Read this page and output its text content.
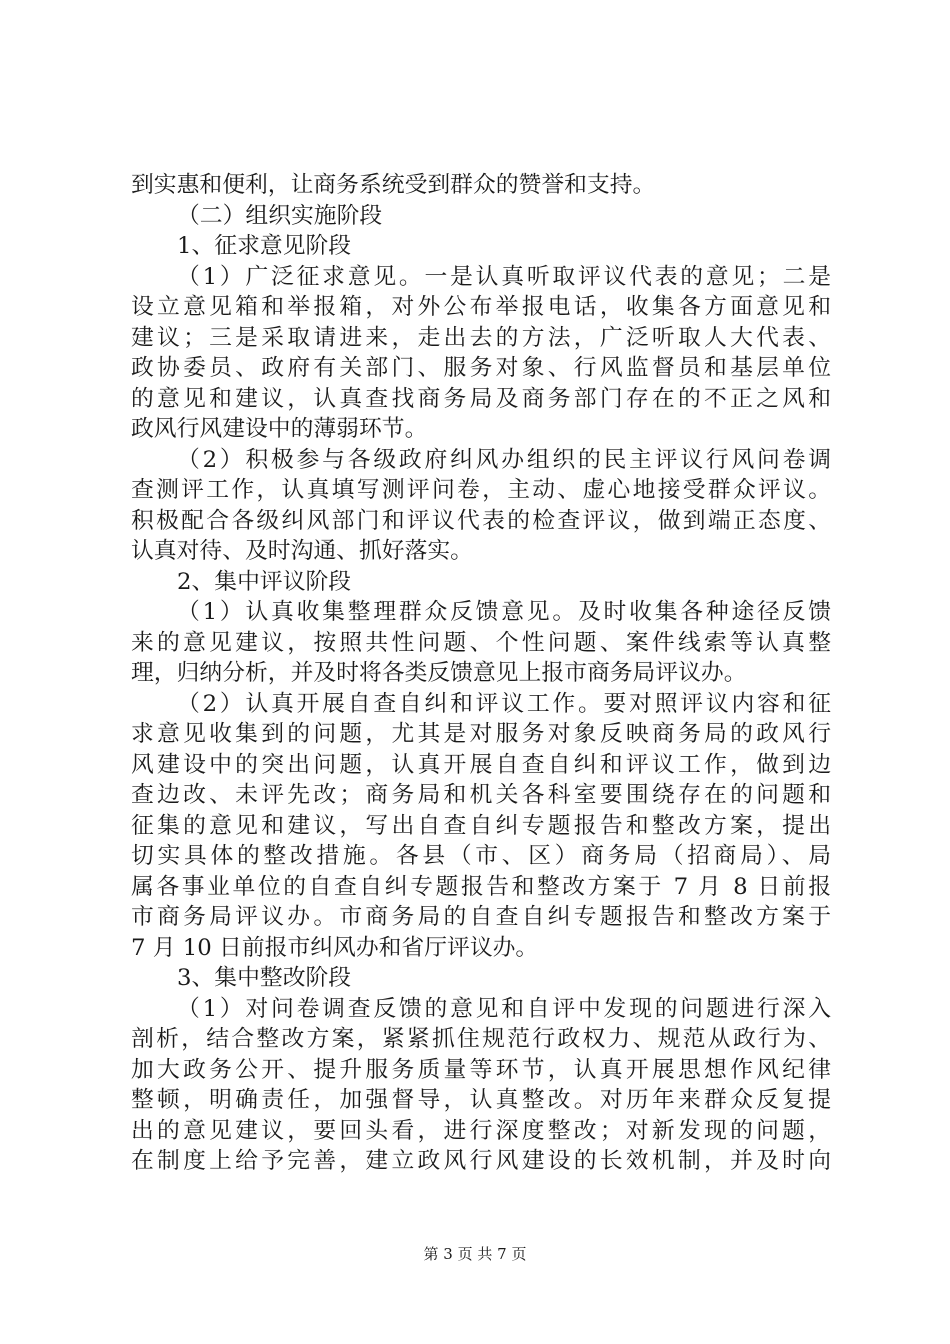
到实惠和便利，让商务系统受到群众的赞誉和支持。
（二）组织实施阶段
1、征求意见阶段
（1）广泛征求意见。一是认真听取评议代表的意见；二是
设立意见箱和举报箱，对外公布举报电话，收集各方面意见和
建议；三是采取请进来，走出去的方法，广泛听取人大代表、
政协委员、政府有关部门、服务对象、行风监督员和基层单位
的意见和建议，认真查找商务局及商务部门存在的不正之风和
政风行风建设中的薄弱环节。
（2）积极参与各级政府纠风办组织的民主评议行风问卷调
查测评工作，认真填写测评问卷，主动、虚心地接受群众评议。
积极配合各级纠风部门和评议代表的检查评议，做到端正态度、
认真对待、及时沟通、抓好落实。
2、集中评议阶段
（1）认真收集整理群众反馈意见。及时收集各种途径反馈
来的意见建议，按照共性问题、个性问题、案件线索等认真整
理，归纳分析，并及时将各类反馈意见上报市商务局评议办。
（2）认真开展自查自纠和评议工作。要对照评议内容和征
求意见收集到的问题，尤其是对服务对象反映商务局的政风行
风建设中的突出问题，认真开展自查自纠和评议工作，做到边
查边改、未评先改；商务局和机关各科室要围绕存在的问题和
征集的意见和建议，写出自查自纠专题报告和整改方案，提出
切实具体的整改措施。各县（市、区）商务局（招商局）、局
属各事业单位的自查自纠专题报告和整改方案于 7 月 8 日前报
市商务局评议办。市商务局的自查自纠专题报告和整改方案于
7 月 10 日前报市纠风办和省厅评议办。
3、集中整改阶段
（1）对问卷调查反馈的意见和自评中发现的问题进行深入
剖析，结合整改方案，紧紧抓住规范行政权力、规范从政行为、
加大政务公开、提升服务质量等环节，认真开展思想作风纪律
整顿，明确责任，加强督导，认真整改。对历年来群众反复提
出的意见建议，要回头看，进行深度整改；对新发现的问题，
在制度上给予完善，建立政风行风建设的长效机制，并及时向
第 3 页 共 7 页
